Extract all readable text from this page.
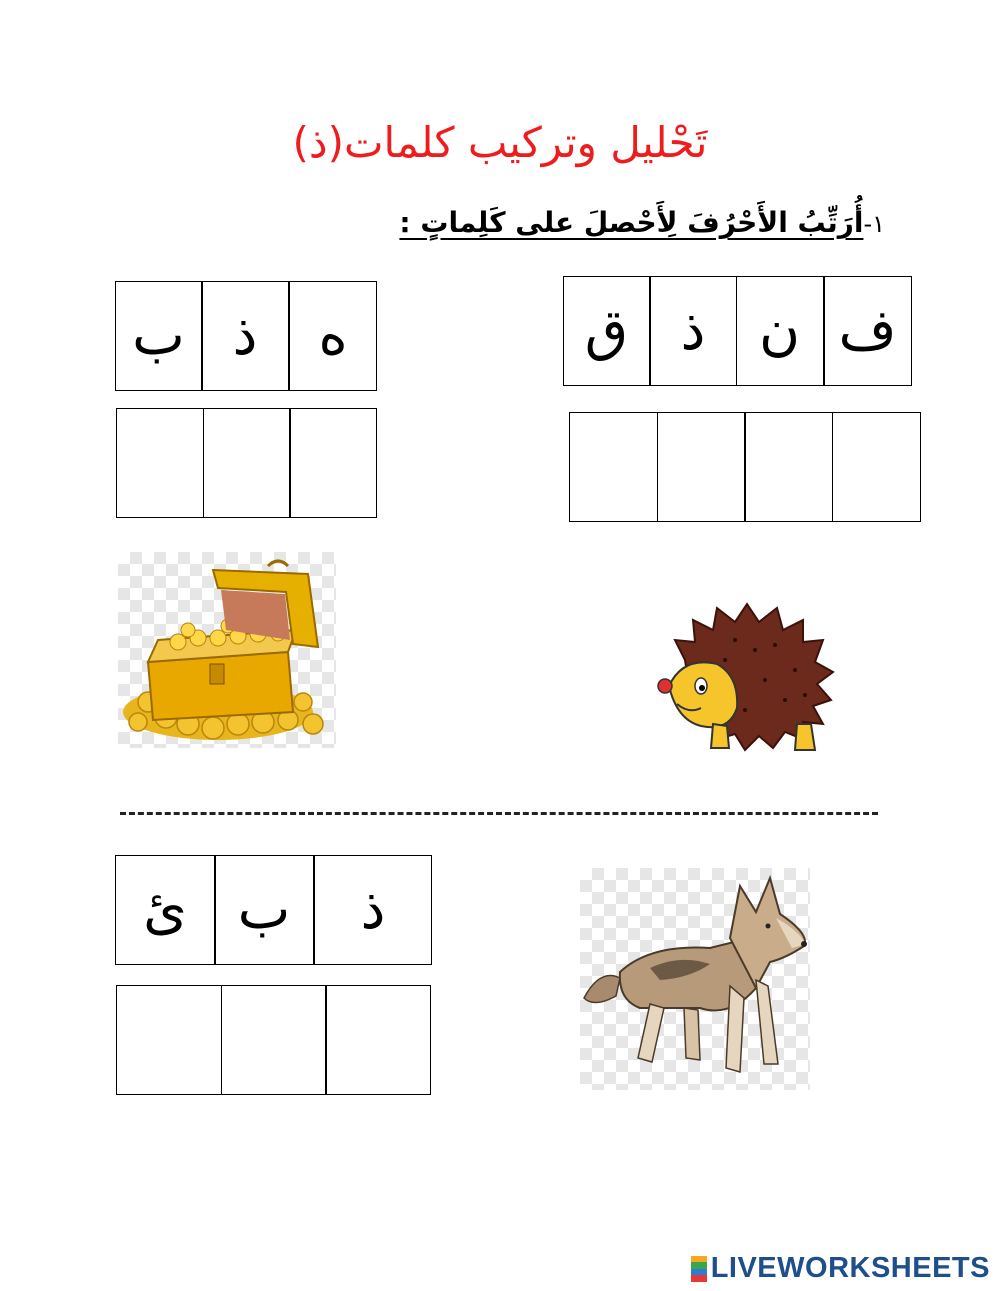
تَحْليل وتركيب كلمات(ذ)
١-أُرَتِّبُ الأَحْرُفَ لِأَحْصلَ على كَلِماتٍ :
ف
ن
ذ
ق
ه
ذ
ب
ذ
ب
ئ
LIVEWORKSHEETS
